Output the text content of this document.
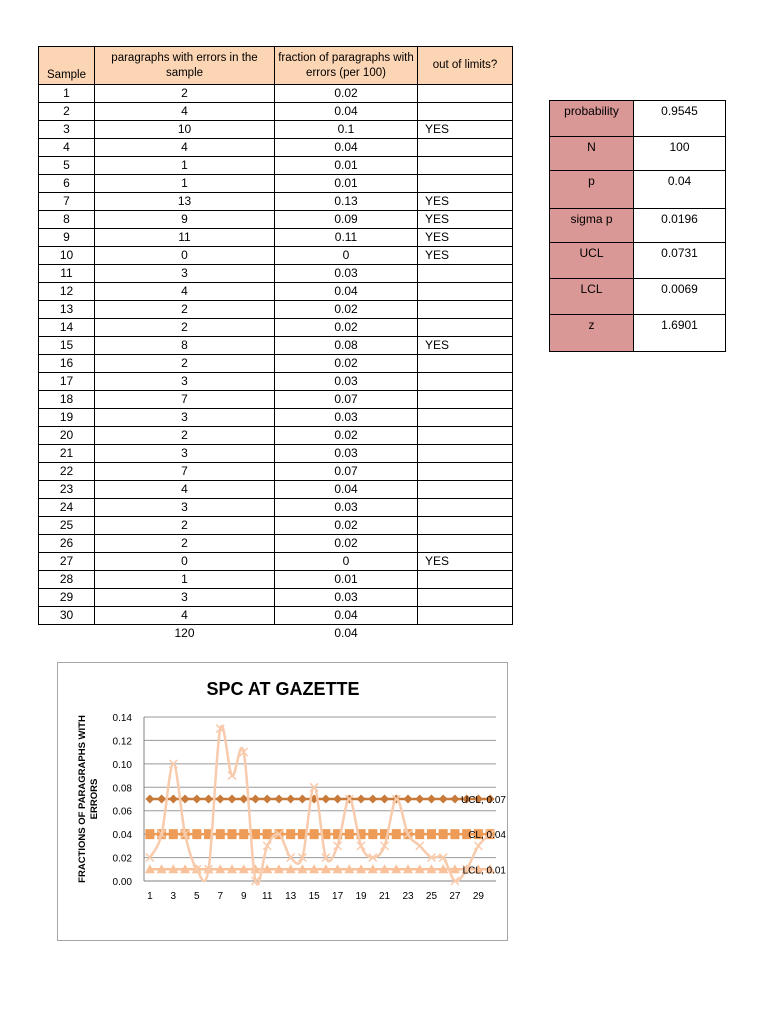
Sample	paragraphs with errors in the sample	fraction of paragraphs with errors (per 100)	out of limits?
1	2	0.02	
2	4	0.04	
3	10	0.1	YES
4	4	0.04	
5	1	0.01	
6	1	0.01	
7	13	0.13	YES
8	9	0.09	YES
9	11	0.11	YES
10	0	0	YES
11	3	0.03	
12	4	0.04	
13	2	0.02	
14	2	0.02	
15	8	0.08	YES
16	2	0.02	
17	3	0.03	
18	7	0.07	
19	3	0.03	
20	2	0.02	
21	3	0.03	
22	7	0.07	
23	4	0.04	
24	3	0.03	
25	2	0.02	
26	2	0.02	
27	0	0	YES
28	1	0.01	
29	3	0.03	
30	4	0.04	
	120	0.04	
probability	0.9545
N	100
p	0.04
sigma p	0.0196
UCL	0.0731
LCL	0.0069
z	1.6901
SPC AT GAZETTE
0.00
0.02
0.04
0.06
0.08
0.10
0.12
0.14
1 3 5 7 9 11 13 15 17 19 21 23 25 27 29
FRACTIONS OF PARAGRAPHS WITHERRORS	UCL, 0.07
CL, 0.04
LCL, 0.01
